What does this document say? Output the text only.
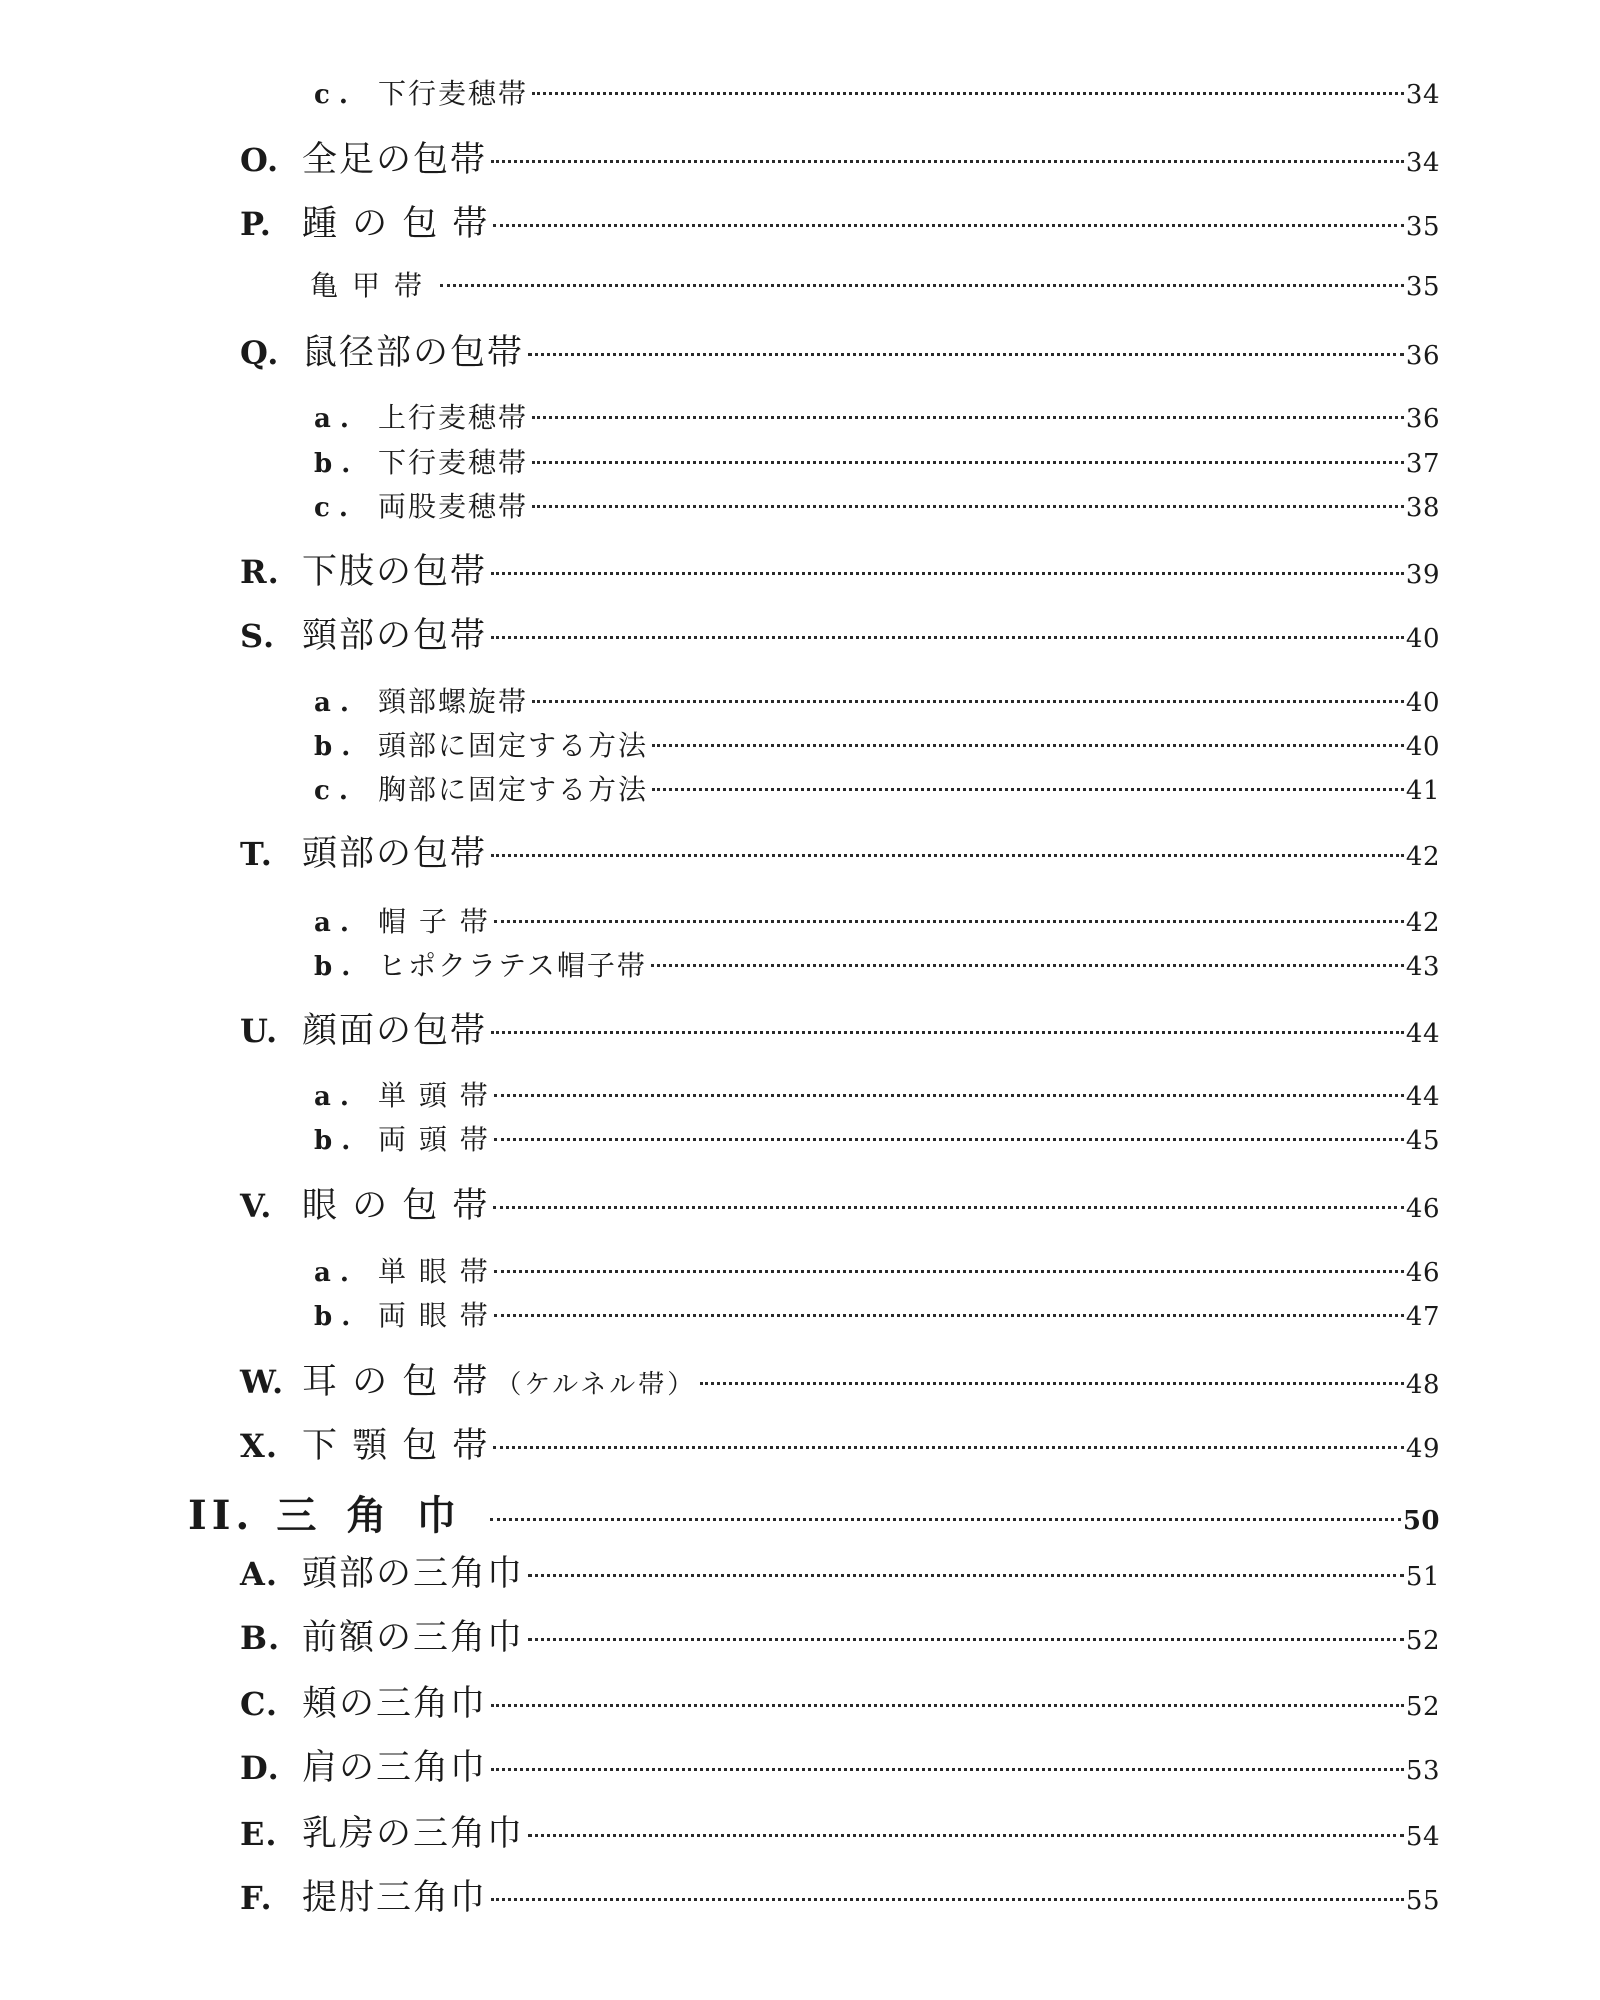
c .	下行麦穂帯	34
O. 全足の包帯	34
P. 踵 の 包 帯	35
亀甲帯	35
Q. 鼠径部の包帯	36
a .	上行麦穂帯	36
b . 下行麦穂帯	37
c .	両股麦穂帯	38
R. 下肢の包帯	39
S. 頸部の包帯	40
a .	頸部螺旋帯	40
b . 頭部に固定する方法	40
c .	胸部に固定する方法	41
T. 頭部の包帯	42
a .	帽 子 帯	42
b . ヒポクラテス帽子帯	43
U. 顔面の包帯	44
a .	単 頭 帯	44
b . 両 頭 帯	45
V. 眼 の 包 帯	46
a .	単 眼 帯	46
b . 両 眼 帯	47
W. 耳 の 包 帯 （ケルネル帯）	48
X. 下 顎 包 帯	49
II. 三角巾	50
A. 頭部の三角巾	51
B. 前額の三角巾	52
C. 頬の三角巾	52
D. 肩の三角巾	53
E. 乳房の三角巾	54
F. 提肘三角巾	55
